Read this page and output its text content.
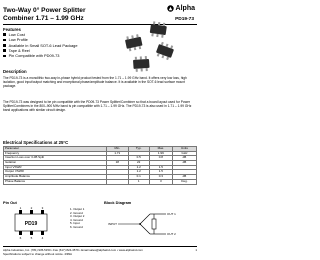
Two-Way 0° Power Splitter
Combiner 1.71 – 1.99 GHz
Alpha
PD19-73
Features
Low Cost
Low Profile
Available in Small SOT-6 Lead Package
Tape & Reel
Pin Compatible with PD09-73
Description

The PD19-73 is a monolithic two-way in-phase hybrid product tested from the 1.71 – 1.99 GHz band. It offers very low loss, high isolation, good input/output matching and exceptional phase/amplitude balance. It is available in the SOT-6 lead surface mount package.

The PD19-73 was designed to be pin compatible with the PD09-73 Power Splitter/Combiner so that a board layout used for Power Splitter/Combiners in the 800–900 MHz band is pin compatible with 1.71 – 1.99 GHz. The PD19-73 is also used in 1.71 – 1.99 GHz band applications with similar circuit design.

Electrical Specifications at 25°C
Parameter	Min.	Typ.	Max.	Units
Frequency	1.71		1.99	GHz
Insertion Loss over 3 dB Split		0.5	0.8	dB
Isolation	18	22		dB
Input VSWR		1.2	1.5	
Output VSWR		1.2	1.5	
Amplitude Balance		0.1	0.3	dB
Phase Balance		1	3	Deg.
Pin Out
PD19
1	2	3
6	5	4
1. Output 1
2. Ground
3. Output 2
4. Ground
5. Input
6. Ground
Block Diagram
INPUT
OUT 1
OUT 2
Alpha Industries, Inc. (781) 935-5150 • Fax (617) 824-4579 • Email sales@alphaind.com • www.alphaind.com	1
Specifications subject to change without notice. 4/99A
